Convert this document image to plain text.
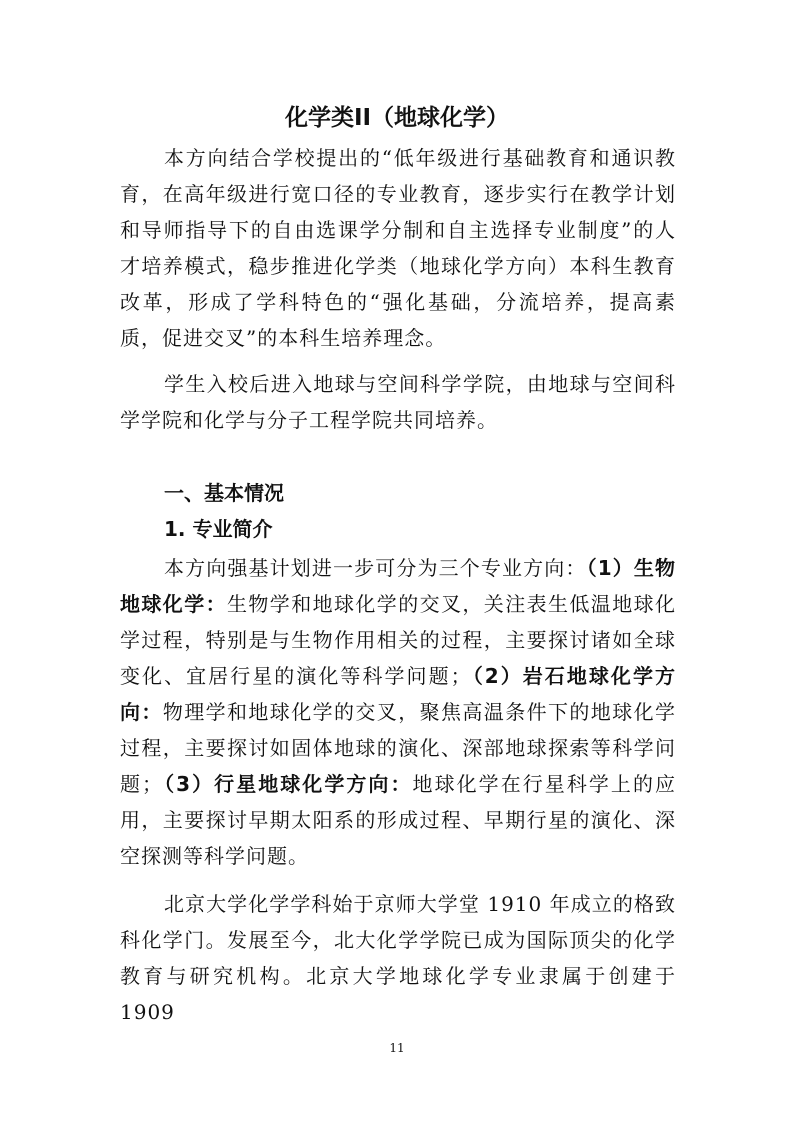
化学类II（地球化学）

本方向结合学校提出的“低年级进行基础教育和通识教育，在高年级进行宽口径的专业教育，逐步实行在教学计划和导师指导下的自由选课学分制和自主选择专业制度”的人才培养模式，稳步推进化学类（地球化学方向）本科生教育改革，形成了学科特色的“强化基础，分流培养，提高素质，促进交叉”的本科生培养理念。

学生入校后进入地球与空间科学学院，由地球与空间科学学院和化学与分子工程学院共同培养。

一、基本情况
1. 专业简介

本方向强基计划进一步可分为三个专业方向：（1）生物地球化学：生物学和地球化学的交叉，关注表生低温地球化学过程，特别是与生物作用相关的过程，主要探讨诸如全球变化、宜居行星的演化等科学问题；（2）岩石地球化学方向：物理学和地球化学的交叉，聚焦高温条件下的地球化学过程，主要探讨如固体地球的演化、深部地球探索等科学问题；（3）行星地球化学方向：地球化学在行星科学上的应用，主要探讨早期太阳系的形成过程、早期行星的演化、深空探测等科学问题。

北京大学化学学科始于京师大学堂 1910 年成立的格致科化学门。发展至今，北大化学学院已成为国际顶尖的化学教育与研究机构。北京大学地球化学专业隶属于创建于 1909

11
